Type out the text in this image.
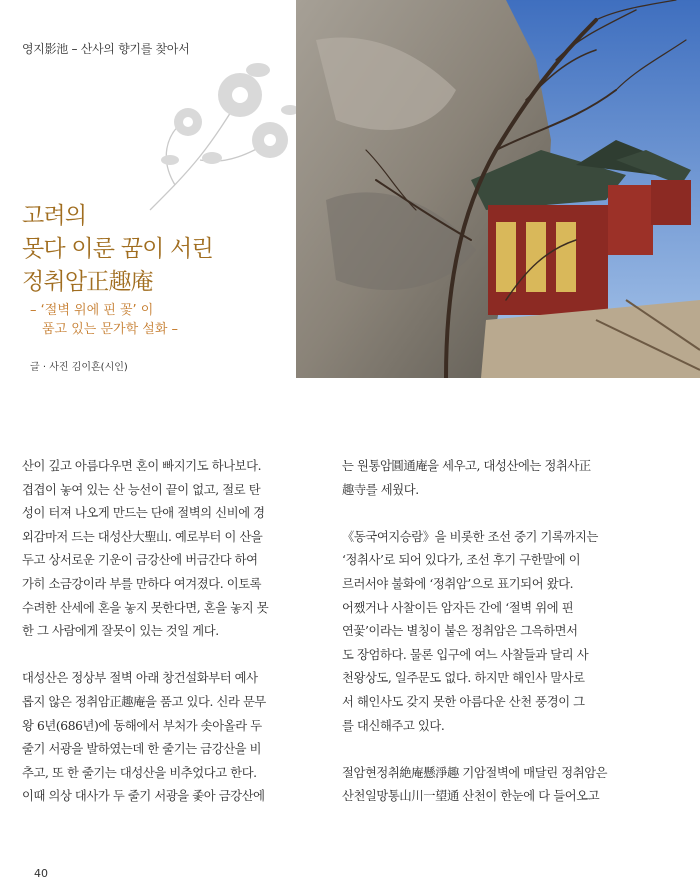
영지影池 – 산사의 향기를 찾아서
고려의
못다 이룬 꿈이 서린
정취암正趣庵
– ‘절벽 위에 핀 꽃’ 이
품고 있는 문가학 설화 –
글 · 사진 김이흔(시인)
산이 깊고 아름다우면 혼이 빠지기도 하나보다.
겹겹이 놓여 있는 산 능선이 끝이 없고, 절로 탄
성이 터져 나오게 만드는 단애 절벽의 신비에 경
외감마저 드는 대성산大聖山. 예로부터 이 산을
두고 상서로운 기운이 금강산에 버금간다 하여
가히 소금강이라 부를 만하다 여겨졌다. 이토록
수려한 산세에 혼을 놓지 못한다면, 혼을 놓지 못
한 그 사람에게 잘못이 있는 것일 게다.
대성산은 정상부 절벽 아래 창건설화부터 예사
롭지 않은 정취암正趣庵을 품고 있다. 신라 문무
왕 6년(686년)에 동해에서 부처가 솟아올라 두
줄기 서광을 발하였는데 한 줄기는 금강산을 비
추고, 또 한 줄기는 대성산을 비추었다고 한다.
이때 의상 대사가 두 줄기 서광을 좇아 금강산에
는 원통암圓通庵을 세우고, 대성산에는 정취사正
趣寺를 세웠다.
《동국여지승람》을 비롯한 조선 중기 기록까지는
‘정취사’로 되어 있다가, 조선 후기 구한말에 이
르러서야 불화에 ‘정취암’으로 표기되어 왔다.
어쨌거나 사찰이든 암자든 간에 ‘절벽 위에 핀
연꽃’이라는 별칭이 붙은 정취암은 그윽하면서
도 장엄하다. 물론 입구에 여느 사찰들과 달리 사
천왕상도, 일주문도 없다. 하지만 해인사 말사로
서 해인사도 갖지 못한 아름다운 산천 풍경이 그
를 대신해주고 있다.
절암현정취絶庵懸淨趣 기암절벽에 매달린 정취암은
산천일망통山川一望通 산천이 한눈에 다 들어오고
40
